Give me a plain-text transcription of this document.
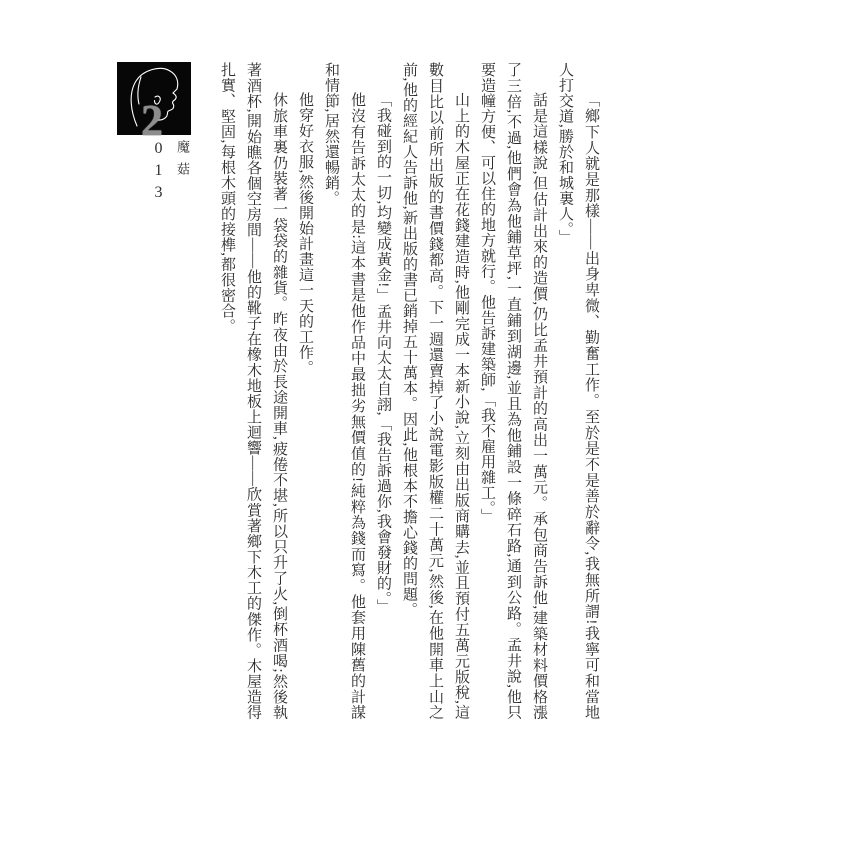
2
013 魔菇	「鄉下人就是那樣——出身卑微、勤奮工作。至於是不是善於辭令,我無所謂!我寧可和當地人打交道,勝於和城裏人。」

話是這樣說,但估計出來的造價,仍比孟井預計的高出一萬元。承包商告訴他,建築材料價格漲了三倍,不過,他們會為他鋪草坪,一直鋪到湖邊,並且為他鋪設一條碎石路,通到公路。孟井說,他只要造幢方便、可以住的地方就行。他告訴建築師,「我不雇用雜工。」

山上的木屋正在花錢建造時,他剛完成一本新小說,立刻由出版商購去,並且預付五萬元版稅,這數目比以前所出版的書價錢都高。下一週還賣掉了小說電影版權二十萬元,然後,在他開車上山之前,他的經紀人告訴他,新出版的書已銷掉五十萬本。因此,他根本不擔心錢的問題。

「我碰到的一切,均變成黃金!」孟井向太太自詡,「我告訴過你,我會發財的。」

他沒有告訴太太的是:這本書是他作品中最拙劣無價值的!純粹為錢而寫。他套用陳舊的計謀和情節,居然還暢銷。

他穿好衣服,然後開始計畫這一天的工作。

休旅車裏仍裝著一袋袋的雜貨。昨夜由於長途開車,疲倦不堪,所以只升了火,倒杯酒喝;然後執著酒杯,開始瞧各個空房間——他的靴子在橡木地板上迴響——欣賞著鄉下木工的傑作。木屋造得扎實、堅固,每根木頭的接榫,都很密合。
